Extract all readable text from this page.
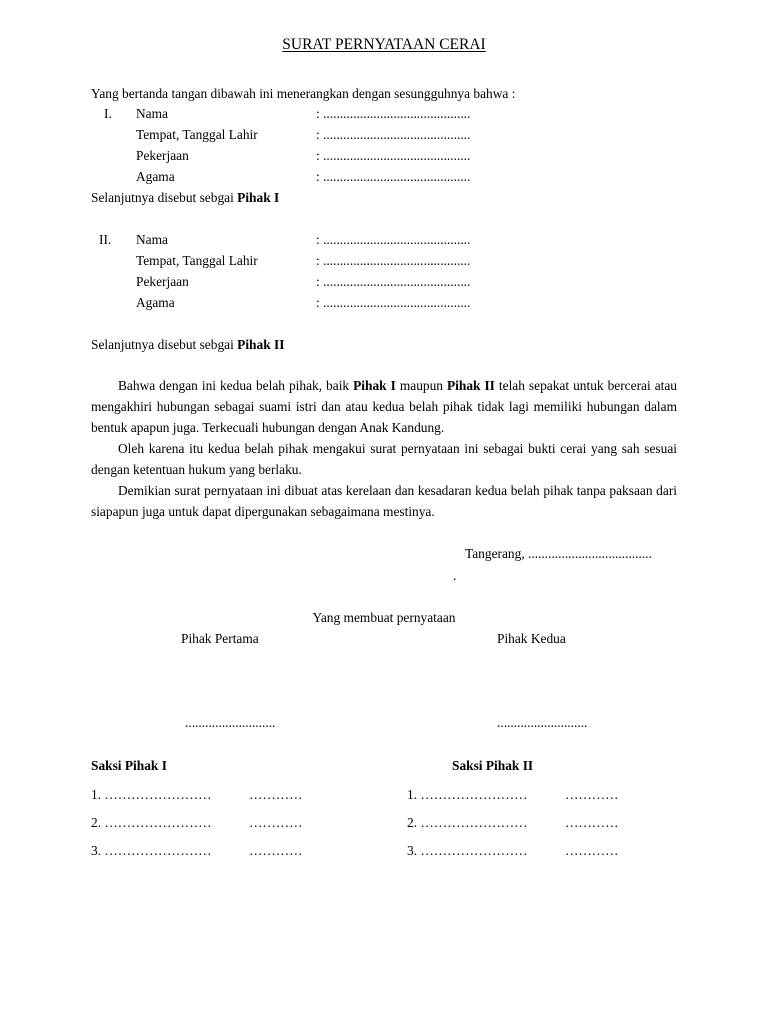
SURAT PERNYATAAN CERAI
Yang bertanda tangan dibawah ini menerangkan dengan sesungguhnya bahwa :
I. Nama	: ............................................
Tempat, Tanggal Lahir	: ............................................
Pekerjaan	: ............................................
Agama	: ............................................
Selanjutnya disebut sebgai Pihak I
II. Nama	: ............................................
Tempat, Tanggal Lahir	: ............................................
Pekerjaan	: ............................................
Agama	: ............................................
Selanjutnya disebut sebgai Pihak II
Bahwa dengan ini kedua belah pihak, baik Pihak I maupun Pihak II telah sepakat untuk bercerai atau mengakhiri hubungan sebagai suami istri dan atau kedua belah pihak tidak lagi memiliki hubungan dalam bentuk apapun juga. Terkecuali hubungan dengan Anak Kandung.
Oleh karena itu kedua belah pihak mengakui surat pernyataan ini sebagai bukti cerai yang sah sesuai dengan ketentuan hukum yang berlaku.
Demikian surat pernyataan ini dibuat atas kerelaan dan kesadaran kedua belah pihak tanpa paksaan dari siapapun juga untuk dapat dipergunakan sebagaimana mestinya.
Tangerang, .....................................
.
Yang membuat pernyataan
Pihak Pertama	Pihak Kedua
...........................	...........................
Saksi Pihak I	Saksi Pihak II
1. ……………………	…………	1. ……………………	…………
2. ……………………	…………	2. ……………………	…………
3. ……………………	…………	3. ……………………	…………
